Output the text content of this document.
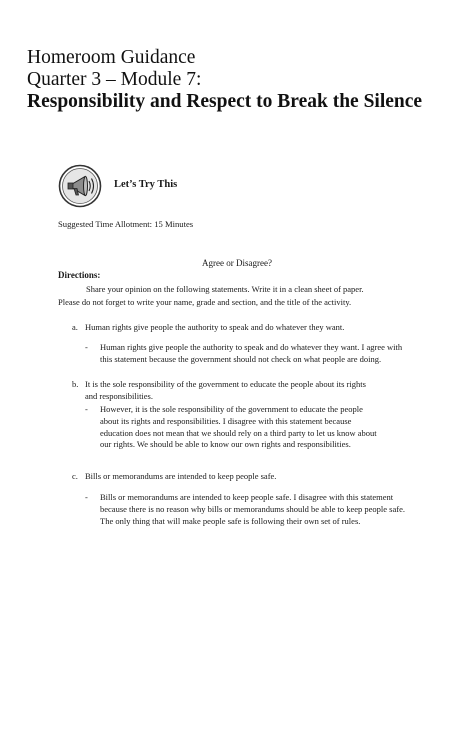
Homeroom Guidance
Quarter 3 – Module 7:
Responsibility and Respect to Break the Silence
Let’s Try This
Suggested Time Allotment: 15 Minutes
Agree or Disagree?
Directions:
Share your opinion on the following statements. Write it in a clean sheet of paper.
Please do not forget to write your name, grade and section, and the title of the activity.
a. Human rights give people the authority to speak and do whatever they want.
- Human rights give people the authority to speak and do whatever they want. I agree with
this statement because the government should not check on what people are doing.
b. It is the sole responsibility of the government to educate the people about its rights
and responsibilities.
- However, it is the sole responsibility of the government to educate the people
about its rights and responsibilities. I disagree with this statement because
education does not mean that we should rely on a third party to let us know about
our rights. We should be able to know our own rights and responsibilities.
c. Bills or memorandums are intended to keep people safe.
- Bills or memorandums are intended to keep people safe. I disagree with this statement
because there is no reason why bills or memorandums should be able to keep people safe.
The only thing that will make people safe is following their own set of rules.
